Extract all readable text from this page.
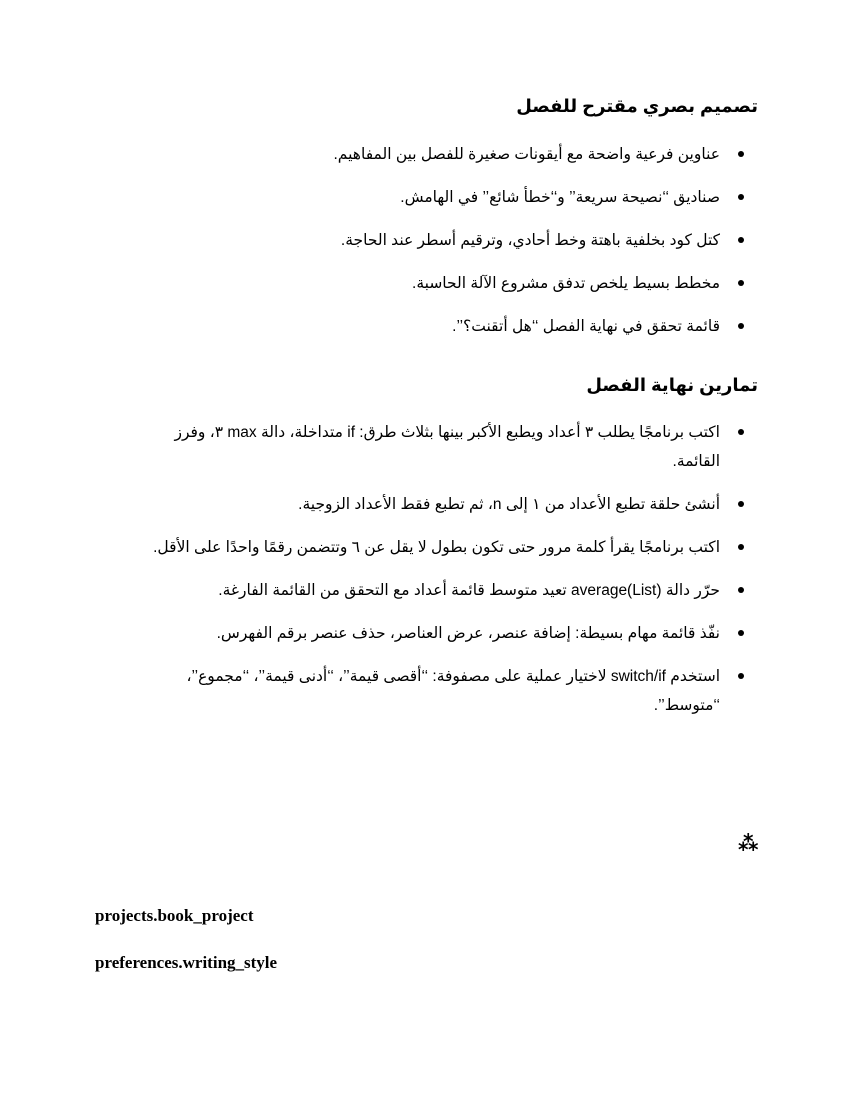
تصميم بصري مقترح للفصل
عناوين فرعية واضحة مع أيقونات صغيرة للفصل بين المفاهيم.
صناديق ‘‘نصيحة سريعة’’ و‘‘خطأ شائع’’ في الهامش.
كتل كود بخلفية باهتة وخط أحادي، وترقيم أسطر عند الحاجة.
مخطط بسيط يلخص تدفق مشروع الآلة الحاسبة.
قائمة تحقق في نهاية الفصل ‘‘هل أتقنت؟’’.
تمارين نهاية الفصل
اكتب برنامجًا يطلب ٣ أعداد ويطبع الأكبر بينها بثلاث طرق: if متداخلة، دالة max ٣، وفرز القائمة.
أنشئ حلقة تطبع الأعداد من ١ إلى n، ثم تطبع فقط الأعداد الزوجية.
اكتب برنامجًا يقرأ كلمة مرور حتى تكون بطول لا يقل عن ٦ وتتضمن رقمًا واحدًا على الأقل.
حرّر دالة average(List) تعيد متوسط قائمة أعداد مع التحقق من القائمة الفارغة.
نفّذ قائمة مهام بسيطة: إضافة عنصر، عرض العناصر، حذف عنصر برقم الفهرس.
استخدم switch/if لاختيار عملية على مصفوفة: ‘‘أقصى قيمة’’، ‘‘أدنى قيمة’’، ‘‘مجموع’’، ‘‘متوسط’’.
⁂
projects.book_project
preferences.writing_style
